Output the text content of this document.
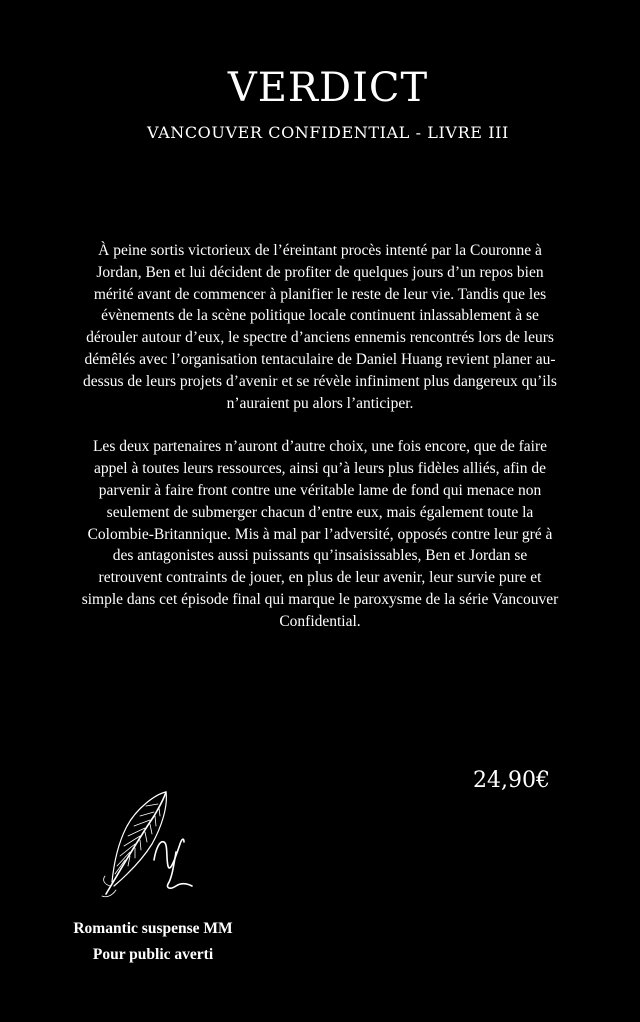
VERDICT
VANCOUVER CONFIDENTIAL - LIVRE III

À peine sortis victorieux de l’éreintant procès intenté par la Couronne à Jordan, Ben et lui décident de profiter de quelques jours d’un repos bien mérité avant de commencer à planifier le reste de leur vie. Tandis que les évènements de la scène politique locale continuent inlassablement à se dérouler autour d’eux, le spectre d’anciens ennemis rencontrés lors de leurs démêlés avec l’organisation tentaculaire de Daniel Huang revient planer au-dessus de leurs projets d’avenir et se révèle infiniment plus dangereux qu’ils n’auraient pu alors l’anticiper.

Les deux partenaires n’auront d’autre choix, une fois encore, que de faire appel à toutes leurs ressources, ainsi qu’à leurs plus fidèles alliés, afin de parvenir à faire front contre une véritable lame de fond qui menace non seulement de submerger chacun d’entre eux, mais également toute la Colombie-Britannique. Mis à mal par l’adversité, opposés contre leur gré à des antagonistes aussi puissants qu’insaisissables, Ben et Jordan se retrouvent contraints de jouer, en plus de leur avenir, leur survie pure et simple dans cet épisode final qui marque le paroxysme de la série Vancouver Confidential.

24,90€
Romantic suspense MM
Pour public averti
